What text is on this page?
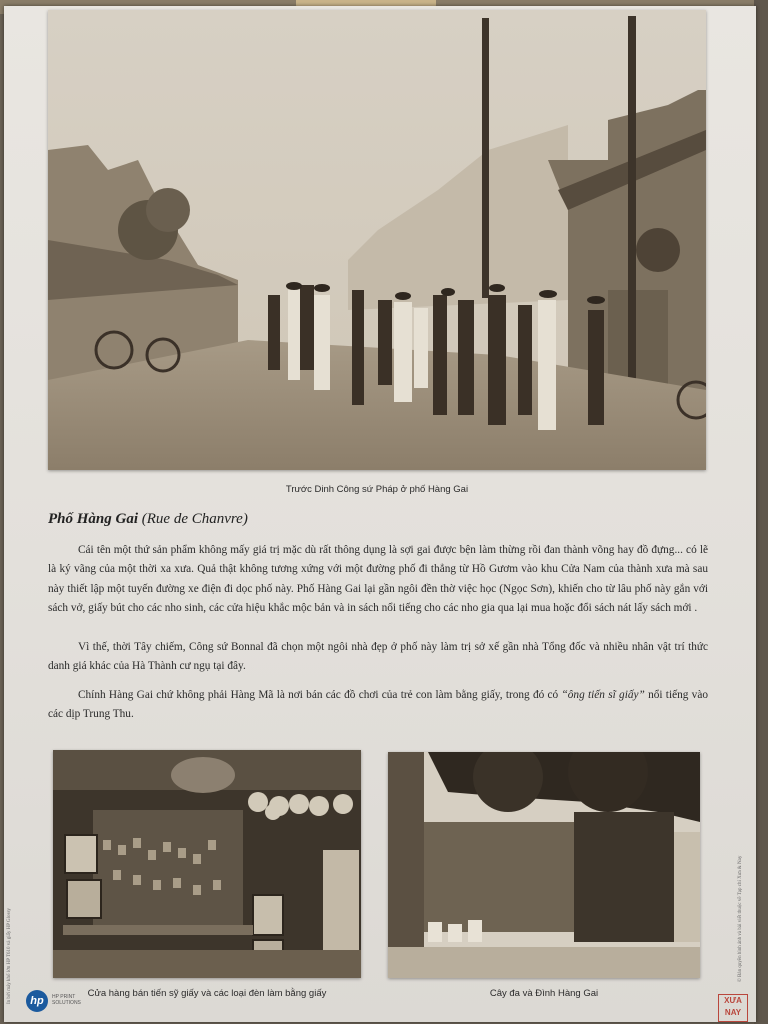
Trước Dinh Công sứ Pháp ở phố Hàng Gai
Phố Hàng Gai (Rue de Chanvre)

Cái tên một thứ sản phẩm không mấy giá trị mặc dù rất thông dụng là sợi gai được bện làm thừng rồi đan thành võng hay đồ đựng... có lẽ là ký vãng của một thời xa xưa. Quả thật không tương xứng với một đường phố đi thẳng từ Hồ Gươm vào khu Cửa Nam của thành xưa mà sau này thiết lập một tuyến đường xe điện đi dọc phố này. Phố Hàng Gai lại gần ngôi đền thờ việc học (Ngọc Sơn), khiến cho từ lâu phố này gắn với sách vở, giấy bút cho các nho sinh, các cửa hiệu khắc mộc bản và in sách nổi tiếng cho các nho gia qua lại mua hoặc đổi sách nát lấy sách mới .

Vì thế, thời Tây chiếm, Công sứ Bonnal đã chọn một ngôi nhà đẹp ở phố này làm trị sở xế gần nhà Tổng đốc và nhiều nhân vật trí thức danh giá khác của Hà Thành cư ngụ tại đây.

Chính Hàng Gai chứ không phải Hàng Mã là nơi bán các đồ chơi của trẻ con làm bằng giấy, trong đó có “ông tiến sĩ giấy” nổi tiếng vào các dịp Trung Thu.

Cửa hàng bán tiến sỹ giấy và các loại đèn làm bằng giấy	Cây đa và Đình Hàng Gai
In bởi máy khổ lớn HP T610 và giấy HP Glossy	© Bản quyền hình ảnh và bài viết thuộc về Tạp chí Xưa & Nay
hp	HP PRINT SOLUTIONS	XƯA NAY
